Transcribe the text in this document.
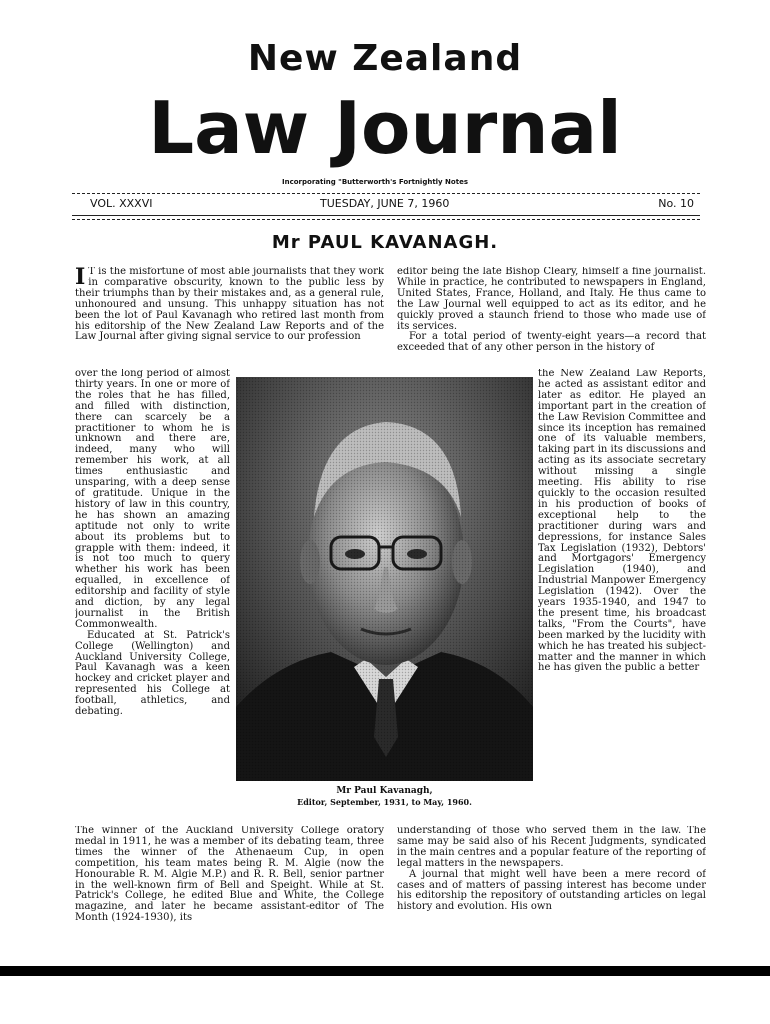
New Zealand
Law Journal
Incorporating "Butterworth's Fortnightly Notes
VOL. XXXVI	TUESDAY, JUNE 7, 1960	No. 10
Mr PAUL KAVANAGH.

I T is the misfortune of most able journalists that they work in comparative obscurity, known to the public less by their triumphs than by their mistakes and, as a general rule, unhonoured and unsung. This unhappy situation has not been the lot of Paul Kavanagh who retired last month from his editorship of the New Zealand Law Reports and of the Law Journal after giving signal service to our profession

over the long period of almost thirty years. In one or more of the roles that he has filled, and filled with distinction, there can scarcely be a practitioner to whom he is unknown and there are, indeed, many who will remember his work, at all times enthusiastic and unsparing, with a deep sense of gratitude. Unique in the history of law in this country, he has shown an amazing aptitude not only to write about its problems but to grapple with them: indeed, it is not too much to query whether his work has been equalled, in excellence of editorship and facility of style and diction, by any legal journalist in the British Commonwealth.

Educated at St. Patrick's College (Wellington) and Auckland University College, Paul Kavanagh was a keen hockey and cricket player and represented his College at football, athletics, and debating.

The winner of the Auckland University College oratory medal in 1911, he was a member of its debating team, three times the winner of the Athenaeum Cup, in open competition, his team mates being R. M. Algie (now the Honourable R. M. Algie M.P.) and R. R. Bell, senior partner in the well-known firm of Bell and Speight. While at St. Patrick's College, he edited Blue and White, the College magazine, and later he became assistant-editor of The Month (1924-1930), its

editor being the late Bishop Cleary, himself a fine journalist. While in practice, he contributed to newspapers in England, United States, France, Holland, and Italy. He thus came to the Law Journal well equipped to act as its editor, and he quickly proved a staunch friend to those who made use of its services.

For a total period of twenty-eight years—a record that exceeded that of any other person in the history of

the New Zealand Law Reports, he acted as assistant editor and later as editor. He played an important part in the creation of the Law Revision Committee and since its inception has remained one of its valuable members, taking part in its discussions and acting as its associate secretary without missing a single meeting. His ability to rise quickly to the occasion resulted in his production of books of exceptional help to the practitioner during wars and depressions, for instance Sales Tax Legislation (1932), Debtors' and Mortgagors' Emergency Legislation (1940), and Industrial Manpower Emergency Legislation (1942). Over the years 1935-1940, and 1947 to the present time, his broadcast talks, "From the Courts", have been marked by the lucidity with which he has treated his subject-matter and the manner in which he has given the public a better

understanding of those who served them in the law. The same may be said also of his Recent Judgments, syndicated in the main centres and a popular feature of the reporting of legal matters in the newspapers.

A journal that might well have been a mere record of cases and of matters of passing interest has become under his editorship the repository of outstanding articles on legal history and evolution. His own

Mr Paul Kavanagh,
Editor, September, 1931, to May, 1960.
